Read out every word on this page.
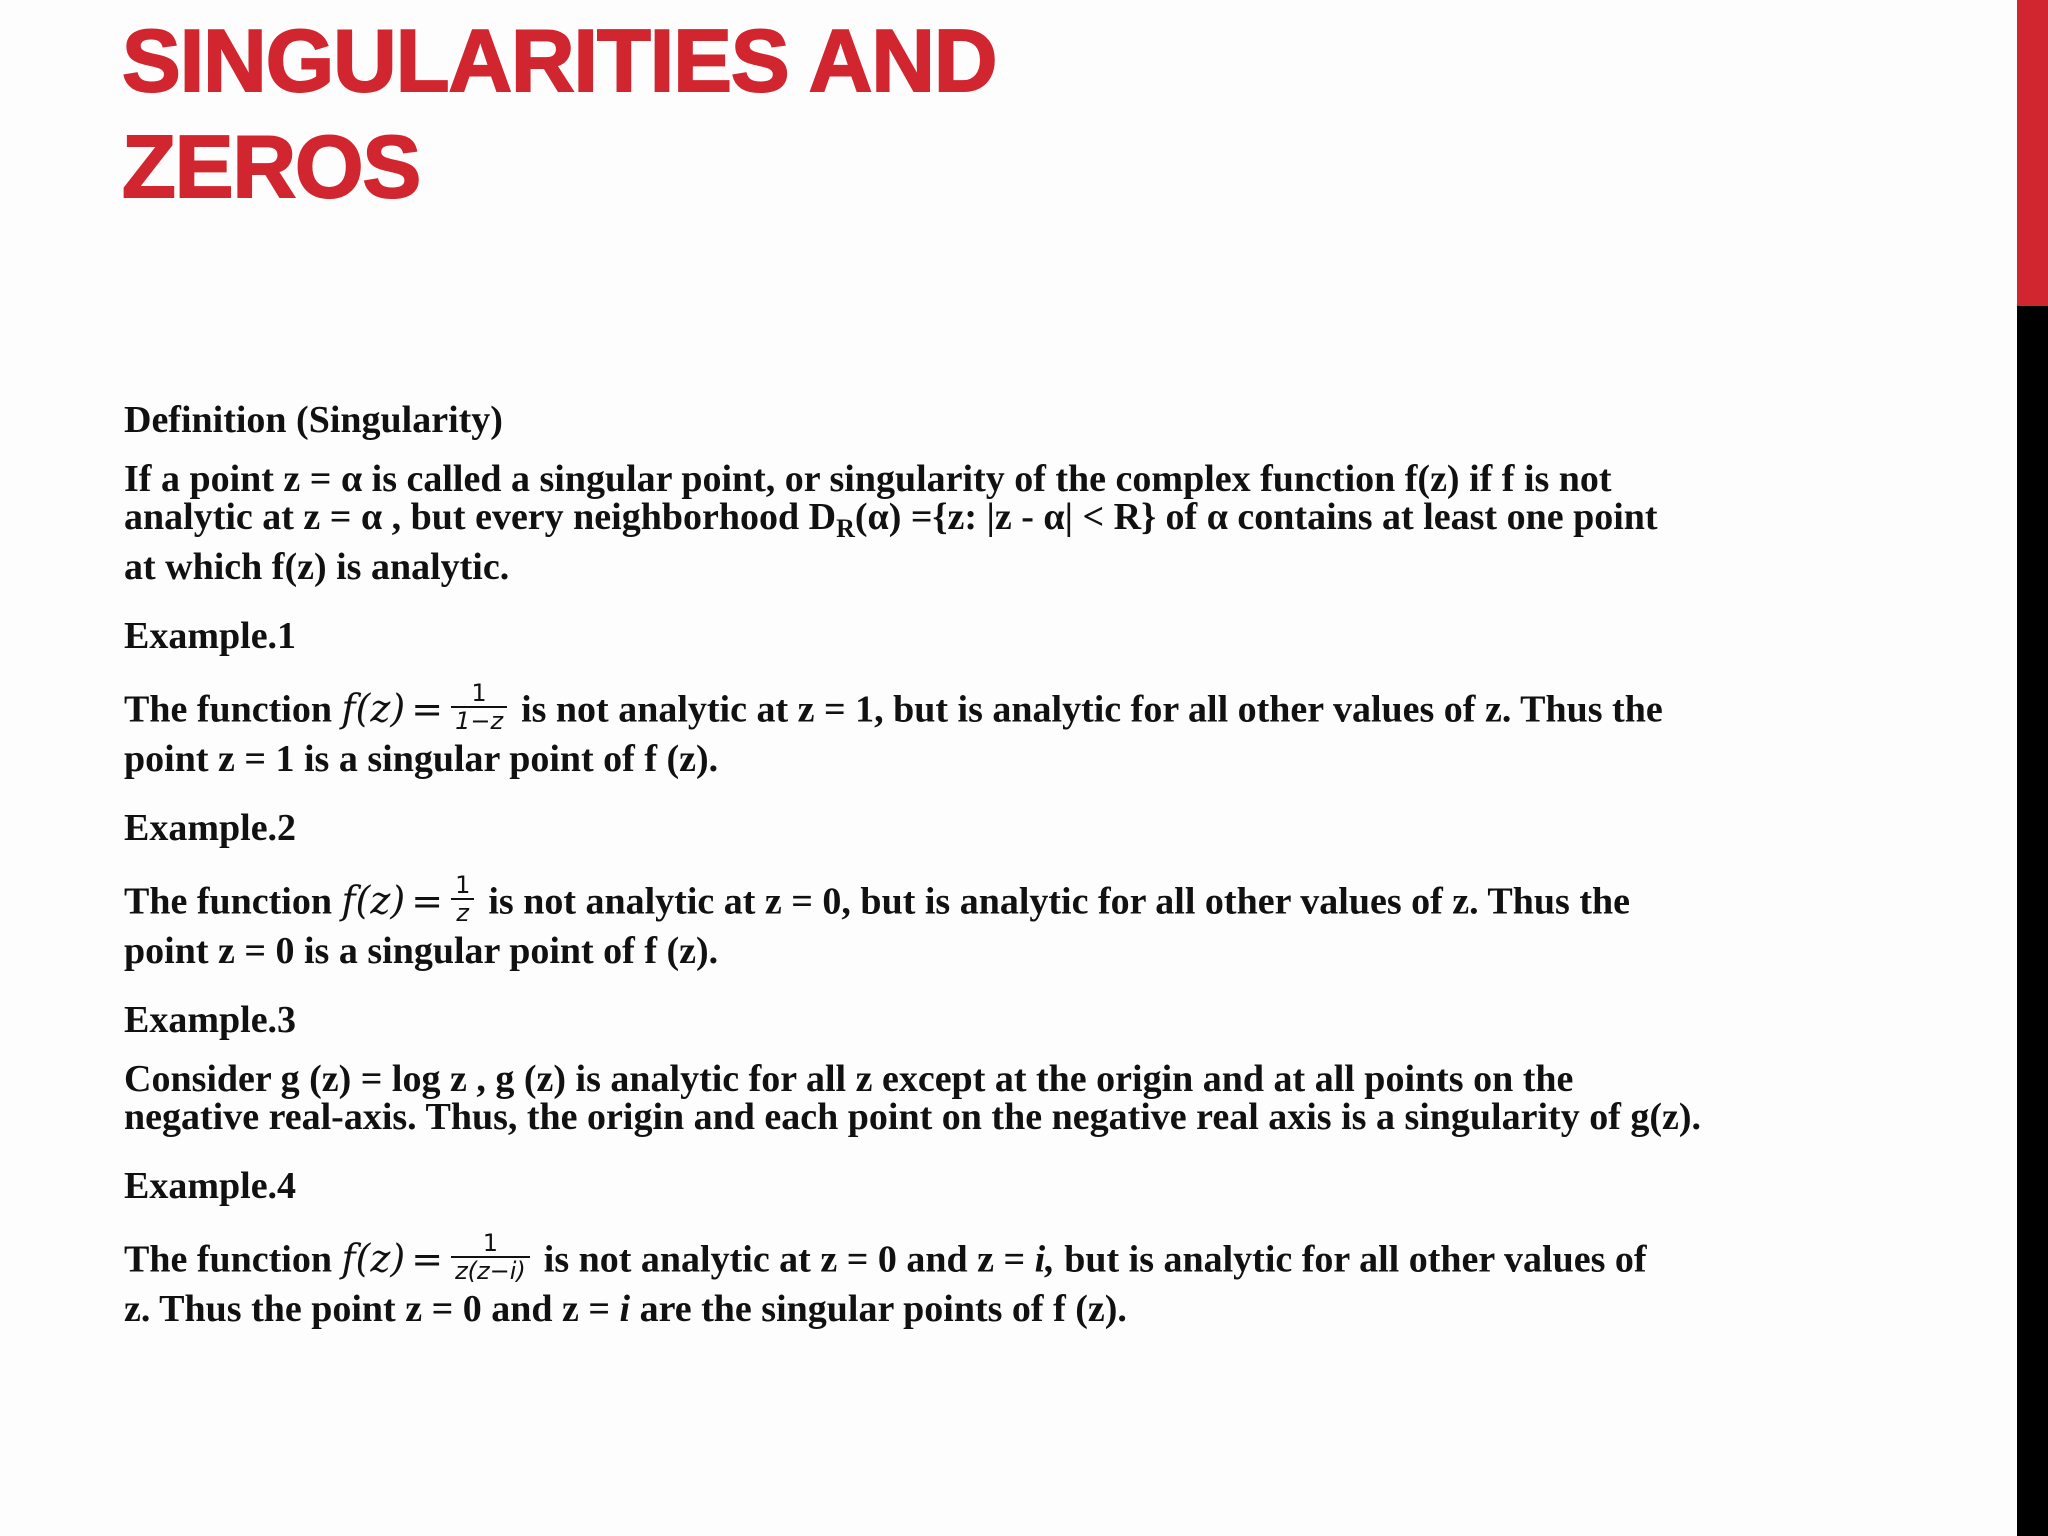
SINGULARITIES AND
ZEROS

Definition (Singularity)

If a point z = α is called a singular point, or singularity of the complex function f(z) if f is not
analytic at z = α , but every neighborhood $D_R(\alpha) =\{z$: |z - α| < R} of α contains at least one point
at which f(z) is analytic.

Example.1

The function $f(z) = \frac{1}{1-z}$ is not analytic at z = 1, but is analytic for all other values of z. Thus the
point z = 1 is a singular point of f (z).

Example.2

The function $f(z) = \frac{1}{z}$ is not analytic at z = 0, but is analytic for all other values of z. Thus the
point z = 0 is a singular point of f (z).

Example.3

Consider g (z) = log z , g (z) is analytic for all z except at the origin and at all points on the
negative real-axis. Thus, the origin and each point on the negative real axis is a singularity of g(z).

Example.4

The function $f(z) = \frac{1}{z(z-i)}$ is not analytic at z = 0 and z = i, but is analytic for all other values of
z. Thus the point z = 0 and z = i are the singular points of f (z).
